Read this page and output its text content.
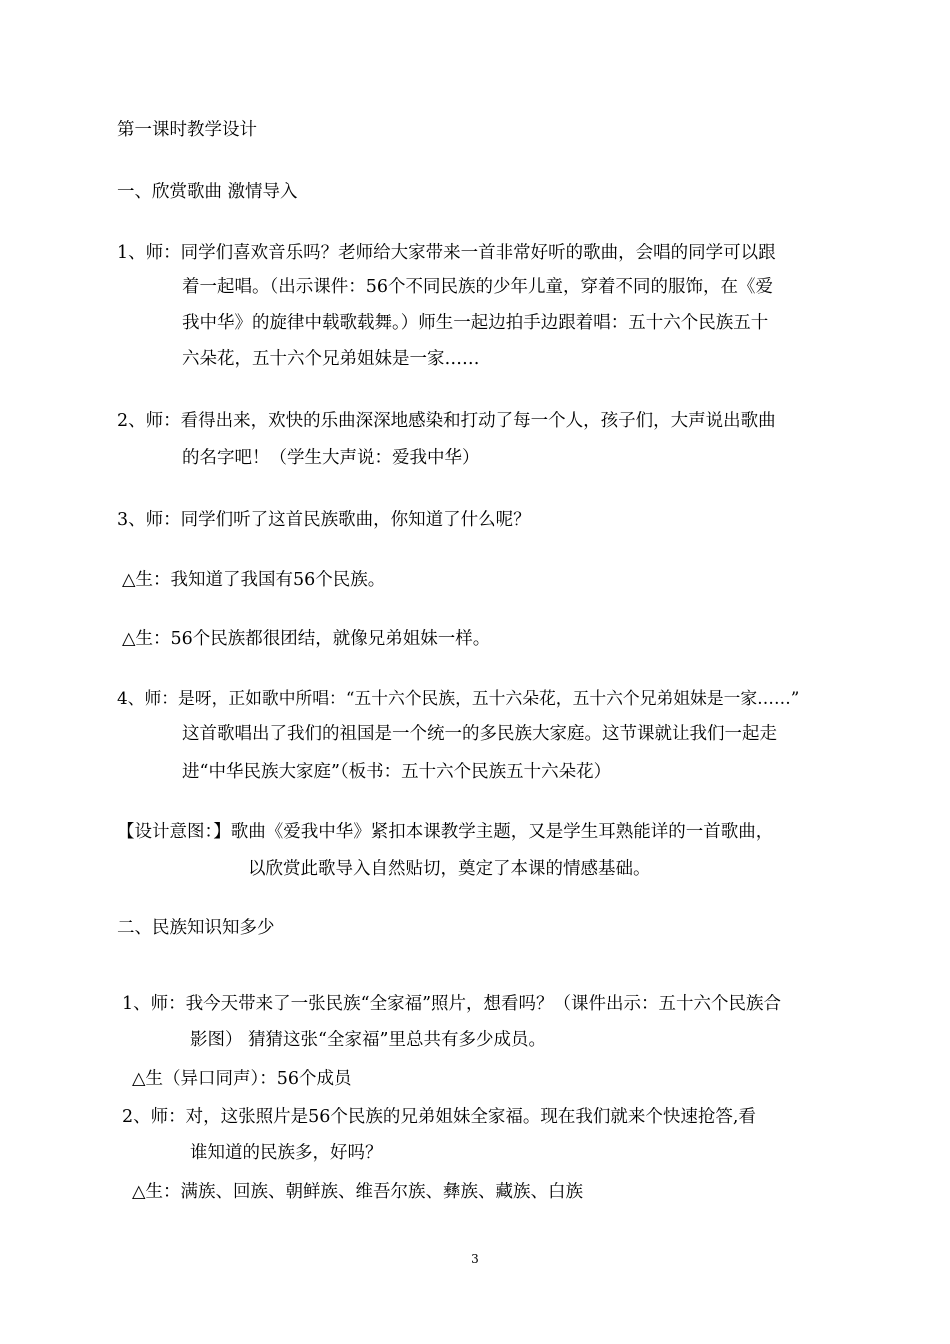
第一课时教学设计
一、欣赏歌曲 激情导入
1、师：同学们喜欢音乐吗？老师给大家带来一首非常好听的歌曲，会唱的同学可以跟
着一起唱。（出示课件：56个不同民族的少年儿童，穿着不同的服饰，在《爱
我中华》的旋律中载歌载舞。）师生一起边拍手边跟着唱：五十六个民族五十
六朵花，五十六个兄弟姐妹是一家……
2、师：看得出来，欢快的乐曲深深地感染和打动了每一个人，孩子们，大声说出歌曲
的名字吧！（学生大声说：爱我中华）
3、师：同学们听了这首民族歌曲，你知道了什么呢？
△生：我知道了我国有56个民族。
△生：56个民族都很团结，就像兄弟姐妹一样。
4、师：是呀，正如歌中所唱：“五十六个民族，五十六朵花，五十六个兄弟姐妹是一家……”
这首歌唱出了我们的祖国是一个统一的多民族大家庭。这节课就让我们一起走
进“中华民族大家庭”（板书：五十六个民族五十六朵花）
【设计意图：】歌曲《爱我中华》紧扣本课教学主题，又是学生耳熟能详的一首歌曲，
以欣赏此歌导入自然贴切，奠定了本课的情感基础。
二、民族知识知多少
1、师：我今天带来了一张民族“全家福”照片，想看吗？（课件出示：五十六个民族合
影图） 猜猜这张“全家福”里总共有多少成员。
△生（异口同声）：56个成员
2、师：对，这张照片是56个民族的兄弟姐妹全家福。现在我们就来个快速抢答,看
谁知道的民族多，好吗？
△生：满族、回族、朝鲜族、维吾尔族、彝族、藏族、白族
3
